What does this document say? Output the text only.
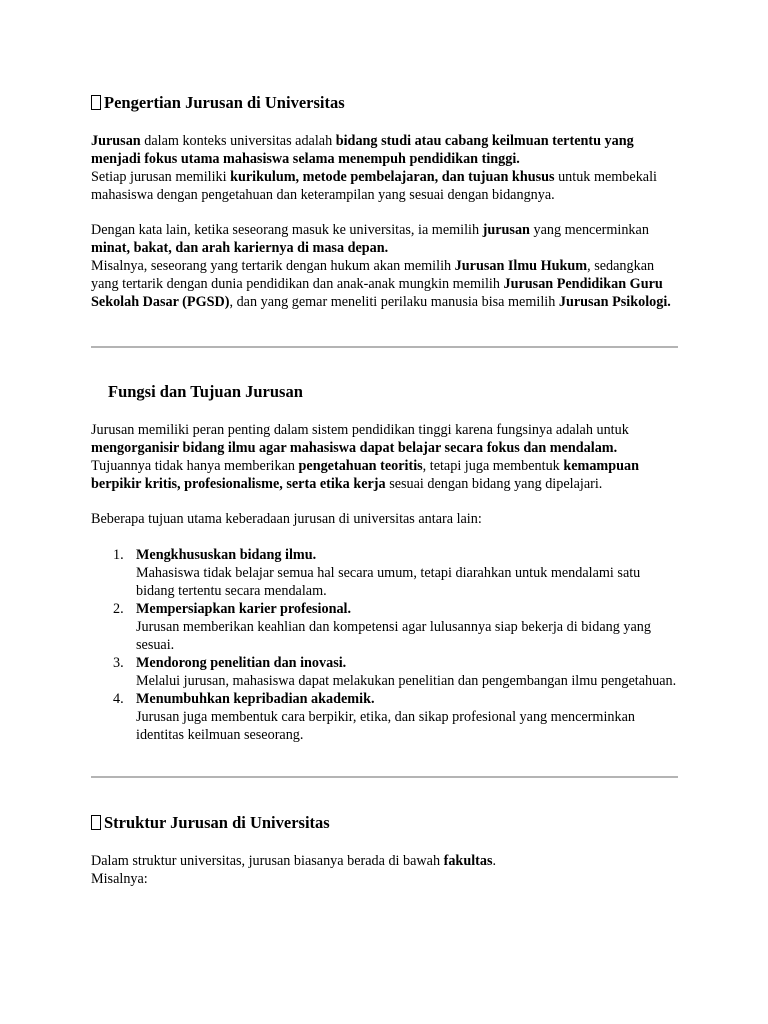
Pengertian Jurusan di Universitas

Jurusan dalam konteks universitas adalah bidang studi atau cabang keilmuan tertentu yang menjadi fokus utama mahasiswa selama menempuh pendidikan tinggi.
Setiap jurusan memiliki kurikulum, metode pembelajaran, dan tujuan khusus untuk membekali mahasiswa dengan pengetahuan dan keterampilan yang sesuai dengan bidangnya.

Dengan kata lain, ketika seseorang masuk ke universitas, ia memilih jurusan yang mencerminkan minat, bakat, dan arah kariernya di masa depan.
Misalnya, seseorang yang tertarik dengan hukum akan memilih Jurusan Ilmu Hukum, sedangkan yang tertarik dengan dunia pendidikan dan anak-anak mungkin memilih Jurusan Pendidikan Guru Sekolah Dasar (PGSD), dan yang gemar meneliti perilaku manusia bisa memilih Jurusan Psikologi.

Fungsi dan Tujuan Jurusan

Jurusan memiliki peran penting dalam sistem pendidikan tinggi karena fungsinya adalah untuk mengorganisir bidang ilmu agar mahasiswa dapat belajar secara fokus dan mendalam.
Tujuannya tidak hanya memberikan pengetahuan teoritis, tetapi juga membentuk kemampuan berpikir kritis, profesionalisme, serta etika kerja sesuai dengan bidang yang dipelajari.

Beberapa tujuan utama keberadaan jurusan di universitas antara lain:

1. Mengkhususkan bidang ilmu.
Mahasiswa tidak belajar semua hal secara umum, tetapi diarahkan untuk mendalami satu bidang tertentu secara mendalam.
2. Mempersiapkan karier profesional.
Jurusan memberikan keahlian dan kompetensi agar lulusannya siap bekerja di bidang yang sesuai.
3. Mendorong penelitian dan inovasi.
Melalui jurusan, mahasiswa dapat melakukan penelitian dan pengembangan ilmu pengetahuan.
4. Menumbuhkan kepribadian akademik.
Jurusan juga membentuk cara berpikir, etika, dan sikap profesional yang mencerminkan identitas keilmuan seseorang.
Struktur Jurusan di Universitas

Dalam struktur universitas, jurusan biasanya berada di bawah fakultas.
Misalnya:
